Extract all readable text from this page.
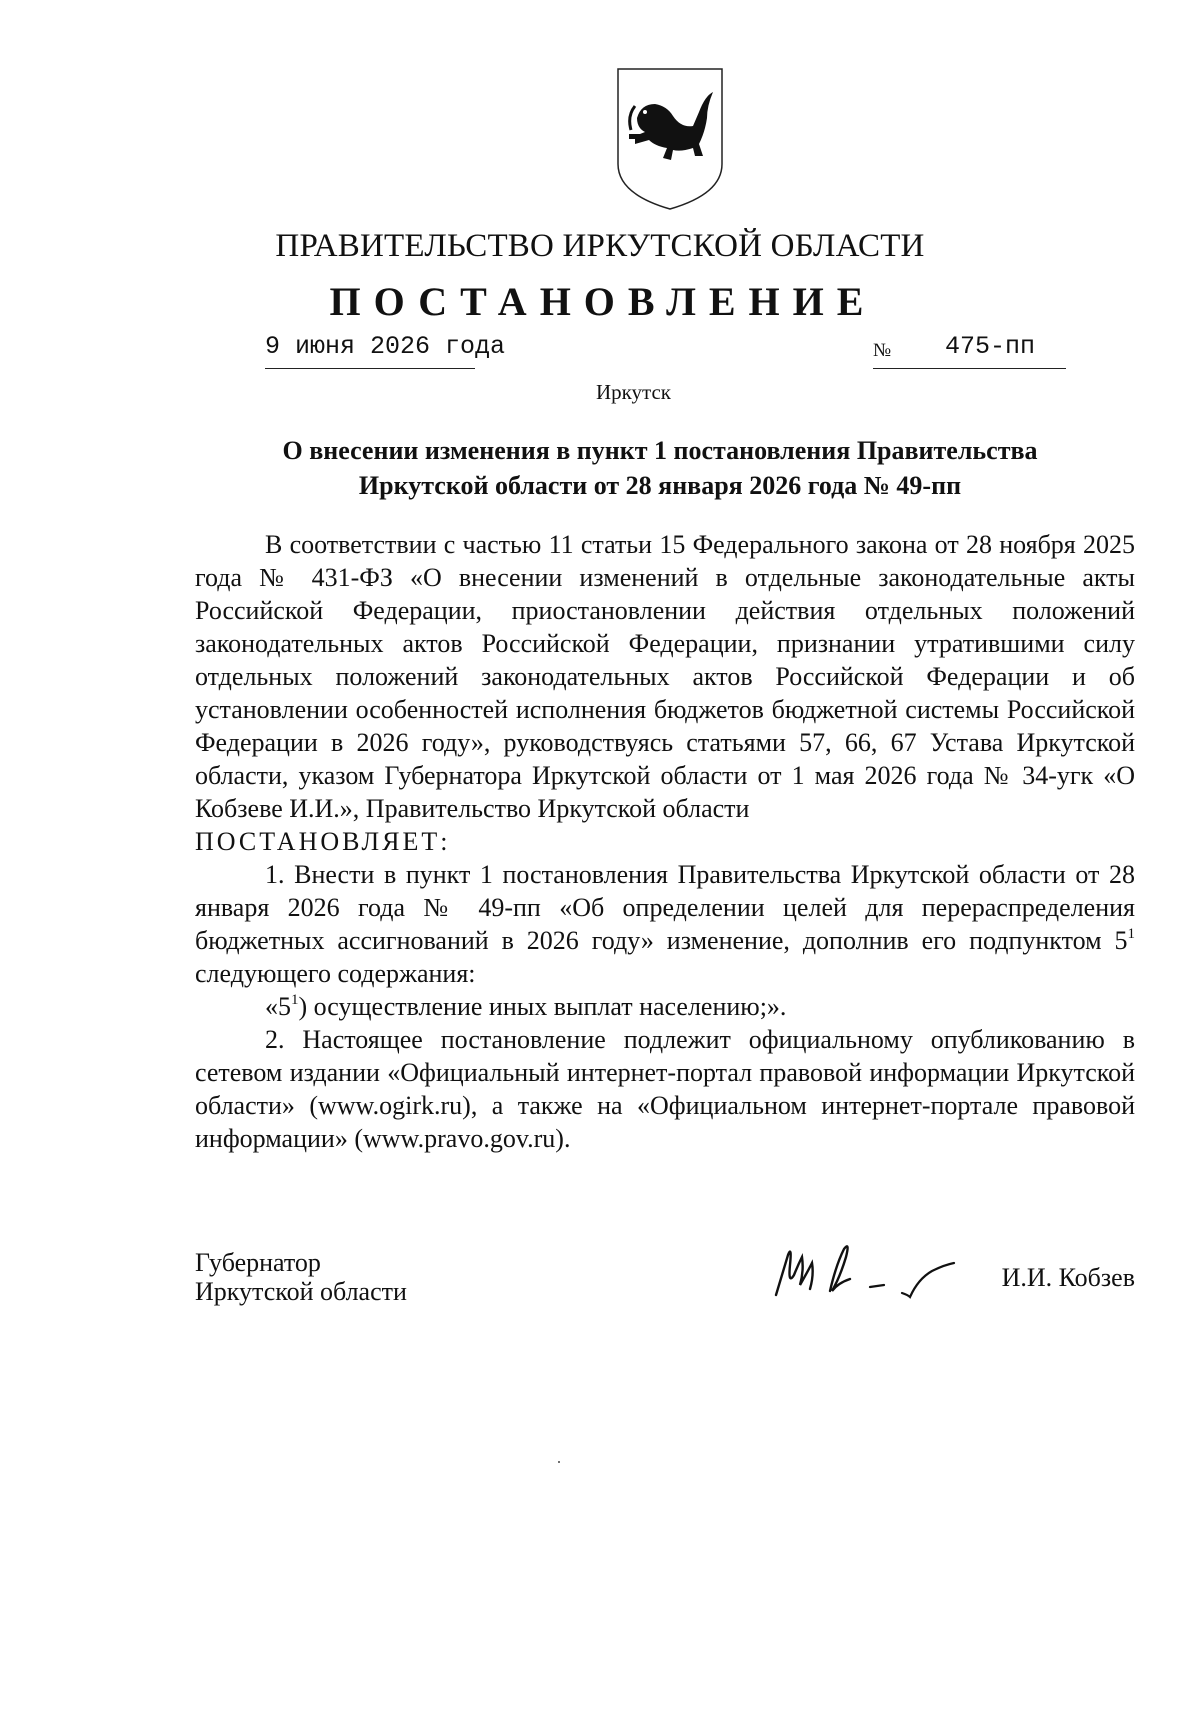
ПРАВИТЕЛЬСТВО ИРКУТСКОЙ ОБЛАСТИ
ПОСТАНОВЛЕНИЕ
9 июня 2026 года	№ 475-пп
Иркутск
О внесении изменения в пункт 1 постановления Правительства
Иркутской области от 28 января 2026 года № 49-пп

В соответствии с частью 11 статьи 15 Федерального закона от 28 ноября 2025 года № 431-ФЗ «О внесении изменений в отдельные законодательные акты Российской Федерации, приостановлении действия отдельных положений законодательных актов Российской Федерации, признании утратившими силу отдельных положений законодательных актов Российской Федерации и об установлении особенностей исполнения бюджетов бюджетной системы Российской Федерации в 2026 году», руководствуясь статьями 57, 66, 67 Устава Иркутской области, указом Губернатора Иркутской области от 1 мая 2026 года № 34-угк «О Кобзеве И.И.», Правительство Иркутской области

ПОСТАНОВЛЯЕТ:

1. Внести в пункт 1 постановления Правительства Иркутской области от 28 января 2026 года № 49-пп «Об определении целей для перераспределения бюджетных ассигнований в 2026 году» изменение, дополнив его подпунктом $5^1$ следующего содержания:

«$5^1$) осуществление иных выплат населению;».

2. Настоящее постановление подлежит официальному опубликованию в сетевом издании «Официальный интернет-портал правовой информации Иркутской области» (www.ogirk.ru), а также на «Официальном интернет-портале правовой информации» (www.pravo.gov.ru).

Губернатор
Иркутской области	И.И. Кобзев
